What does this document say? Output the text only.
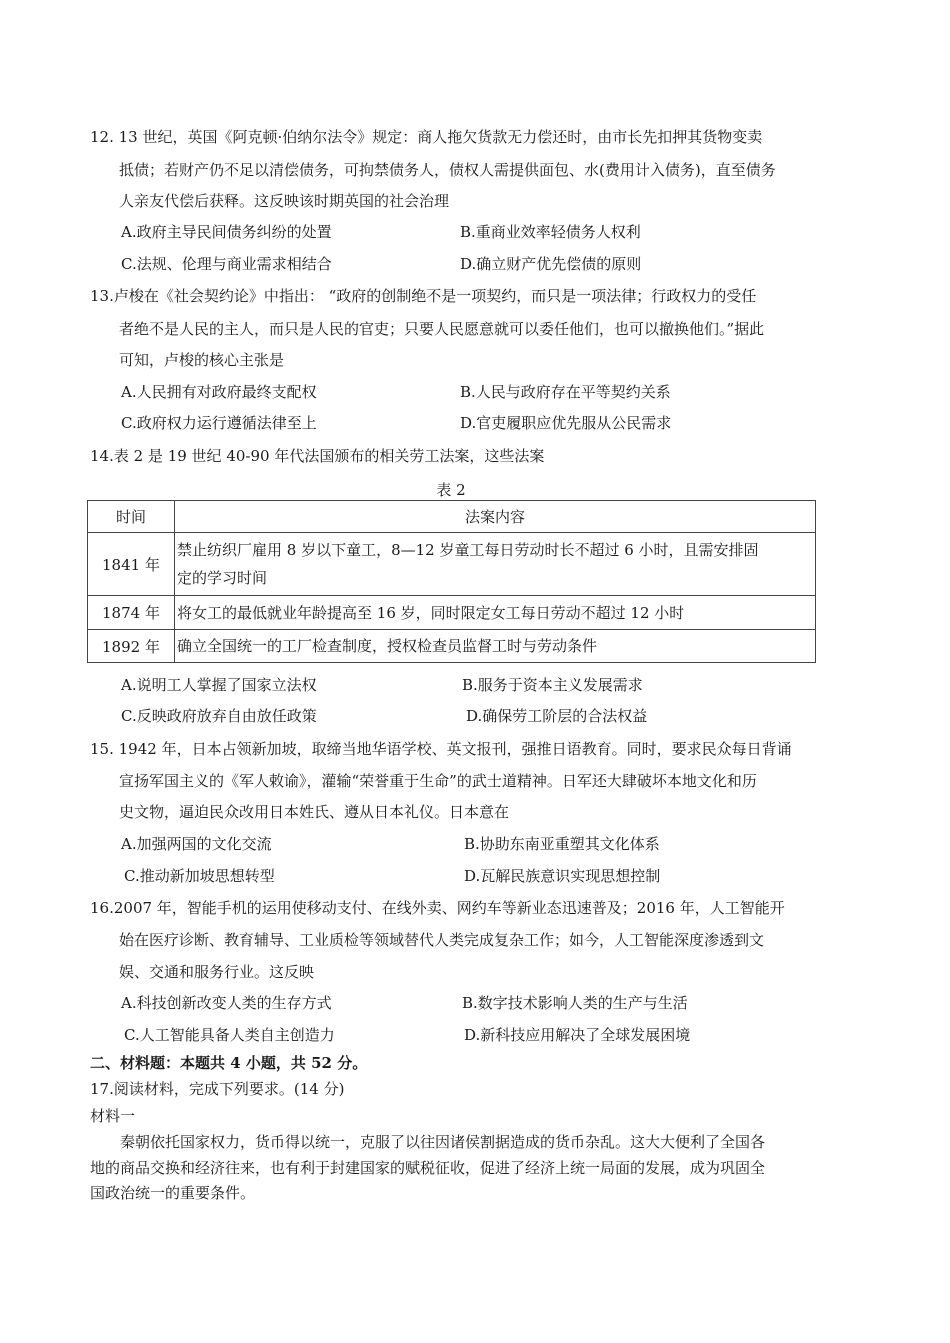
12. 13 世纪，英国《阿克顿·伯纳尔法令》规定：商人拖欠货款无力偿还时，由市长先扣押其货物变卖
抵债；若财产仍不足以清偿债务，可拘禁债务人，债权人需提供面包、水(费用计入债务)，直至债务
人亲友代偿后获释。这反映该时期英国的社会治理
A.政府主导民间债务纠纷的处置	B.重商业效率轻债务人权利
C.法规、伦理与商业需求相结合	D.确立财产优先偿债的原则
13.卢梭在《社会契约论》中指出： “政府的创制绝不是一项契约，而只是一项法律；行政权力的受任
者绝不是人民的主人，而只是人民的官吏；只要人民愿意就可以委任他们，也可以撤换他们。”据此
可知，卢梭的核心主张是
A.人民拥有对政府最终支配权	B.人民与政府存在平等契约关系
C.政府权力运行遵循法律至上	D.官吏履职应优先服从公民需求
14.表 2 是 19 世纪 40-90 年代法国颁布的相关劳工法案，这些法案
表 2
时间	法案内容
1841 年	禁止纺织厂雇用 8 岁以下童工，8—12 岁童工每日劳动时长不超过 6 小时，且需安排固
定的学习时间

1874 年	将女工的最低就业年龄提高至 16 岁，同时限定女工每日劳动不超过 12 小时
1892 年	确立全国统一的工厂检查制度，授权检查员监督工时与劳动条件
A.说明工人掌握了国家立法权	B.服务于资本主义发展需求
C.反映政府放弃自由放任政策	D.确保劳工阶层的合法权益
15. 1942 年，日本占领新加坡，取缔当地华语学校、英文报刊，强推日语教育。同时，要求民众每日背诵
宣扬军国主义的《军人敕谕》，灌输“荣誉重于生命”的武士道精神。日军还大肆破坏本地文化和历
史文物，逼迫民众改用日本姓氏、遵从日本礼仪。日本意在
A.加强两国的文化交流	B.协助东南亚重塑其文化体系
C.推动新加坡思想转型	D.瓦解民族意识实现思想控制
16.2007 年，智能手机的运用使移动支付、在线外卖、网约车等新业态迅速普及；2016 年，人工智能开
始在医疗诊断、教育辅导、工业质检等领域替代人类完成复杂工作；如今，人工智能深度渗透到文
娱、交通和服务行业。这反映
A.科技创新改变人类的生存方式	B.数字技术影响人类的生产与生活
C.人工智能具备人类自主创造力	D.新科技应用解决了全球发展困境
二、材料题：本题共 4 小题，共 52 分。
17.阅读材料，完成下列要求。(14 分)
材料一
秦朝依托国家权力，货币得以统一，克服了以往因诸侯割据造成的货币杂乱。这大大便利了全国各
地的商品交换和经济往来，也有利于封建国家的赋税征收，促进了经济上统一局面的发展，成为巩固全
国政治统一的重要条件。
